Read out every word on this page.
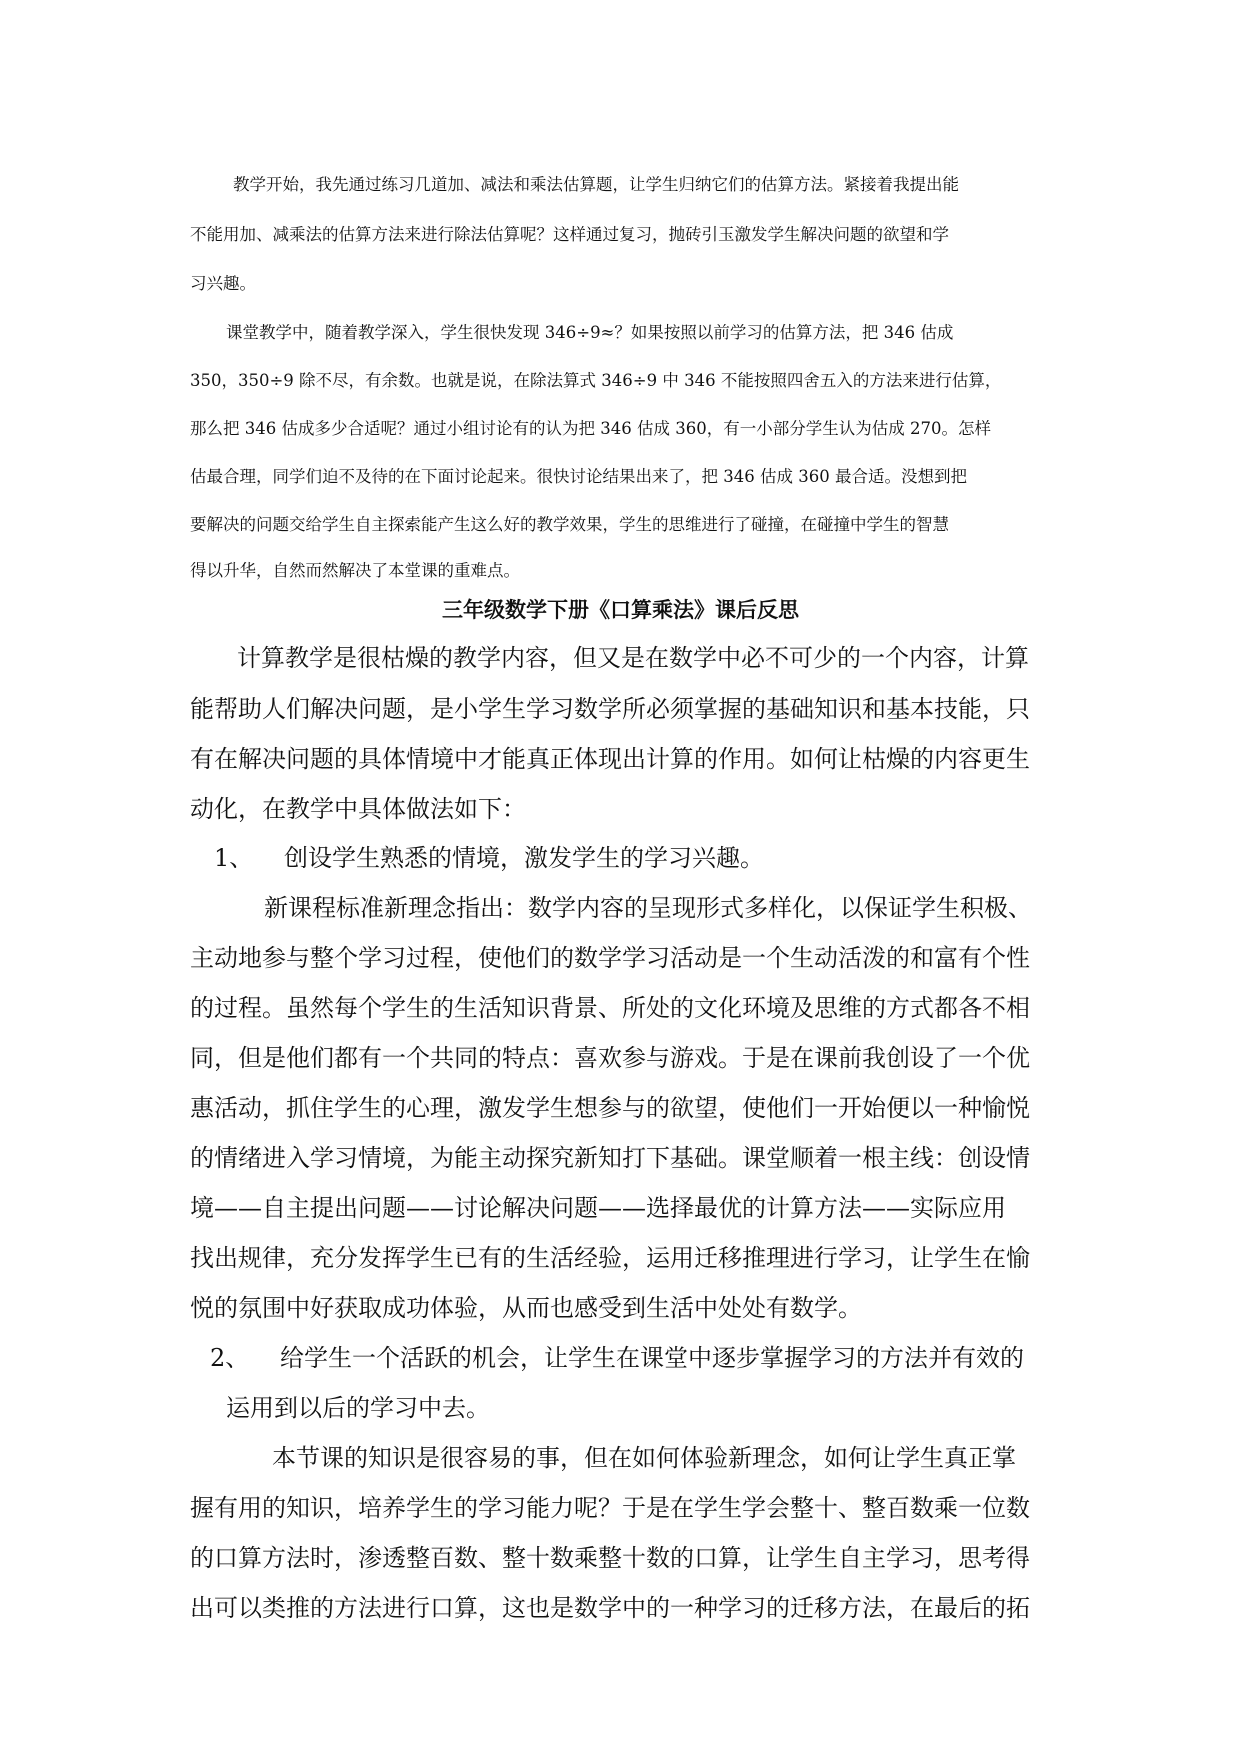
教学开始，我先通过练习几道加、减法和乘法估算题，让学生归纳它们的估算方法。紧接着我提出能
不能用加、减乘法的估算方法来进行除法估算呢？这样通过复习，抛砖引玉激发学生解决问题的欲望和学
习兴趣。
课堂教学中，随着教学深入，学生很快发现 346÷9≈？如果按照以前学习的估算方法，把 346 估成
350，350÷9 除不尽，有余数。也就是说，在除法算式 346÷9 中 346 不能按照四舍五入的方法来进行估算，
那么把 346 估成多少合适呢？通过小组讨论有的认为把 346 估成 360，有一小部分学生认为估成 270。怎样
估最合理，同学们迫不及待的在下面讨论起来。很快讨论结果出来了，把 346 估成 360 最合适。没想到把
要解决的问题交给学生自主探索能产生这么好的教学效果，学生的思维进行了碰撞，在碰撞中学生的智慧
得以升华，自然而然解决了本堂课的重难点。
三年级数学下册《口算乘法》课后反思
计算教学是很枯燥的教学内容，但又是在数学中必不可少的一个内容，计算
能帮助人们解决问题，是小学生学习数学所必须掌握的基础知识和基本技能，只
有在解决问题的具体情境中才能真正体现出计算的作用。如何让枯燥的内容更生
动化，在教学中具体做法如下：
1、 创设学生熟悉的情境，激发学生的学习兴趣。
新课程标准新理念指出：数学内容的呈现形式多样化，以保证学生积极、
主动地参与整个学习过程，使他们的数学学习活动是一个生动活泼的和富有个性
的过程。虽然每个学生的生活知识背景、所处的文化环境及思维的方式都各不相
同，但是他们都有一个共同的特点：喜欢参与游戏。于是在课前我创设了一个优
惠活动，抓住学生的心理，激发学生想参与的欲望，使他们一开始便以一种愉悦
的情绪进入学习情境，为能主动探究新知打下基础。课堂顺着一根主线：创设情
境——自主提出问题——讨论解决问题——选择最优的计算方法——实际应用
找出规律，充分发挥学生已有的生活经验，运用迁移推理进行学习，让学生在愉
悦的氛围中好获取成功体验，从而也感受到生活中处处有数学。
2、 给学生一个活跃的机会，让学生在课堂中逐步掌握学习的方法并有效的
运用到以后的学习中去。
本节课的知识是很容易的事，但在如何体验新理念，如何让学生真正掌
握有用的知识，培养学生的学习能力呢？于是在学生学会整十、整百数乘一位数
的口算方法时，渗透整百数、整十数乘整十数的口算，让学生自主学习，思考得
出可以类推的方法进行口算，这也是数学中的一种学习的迁移方法，在最后的拓
